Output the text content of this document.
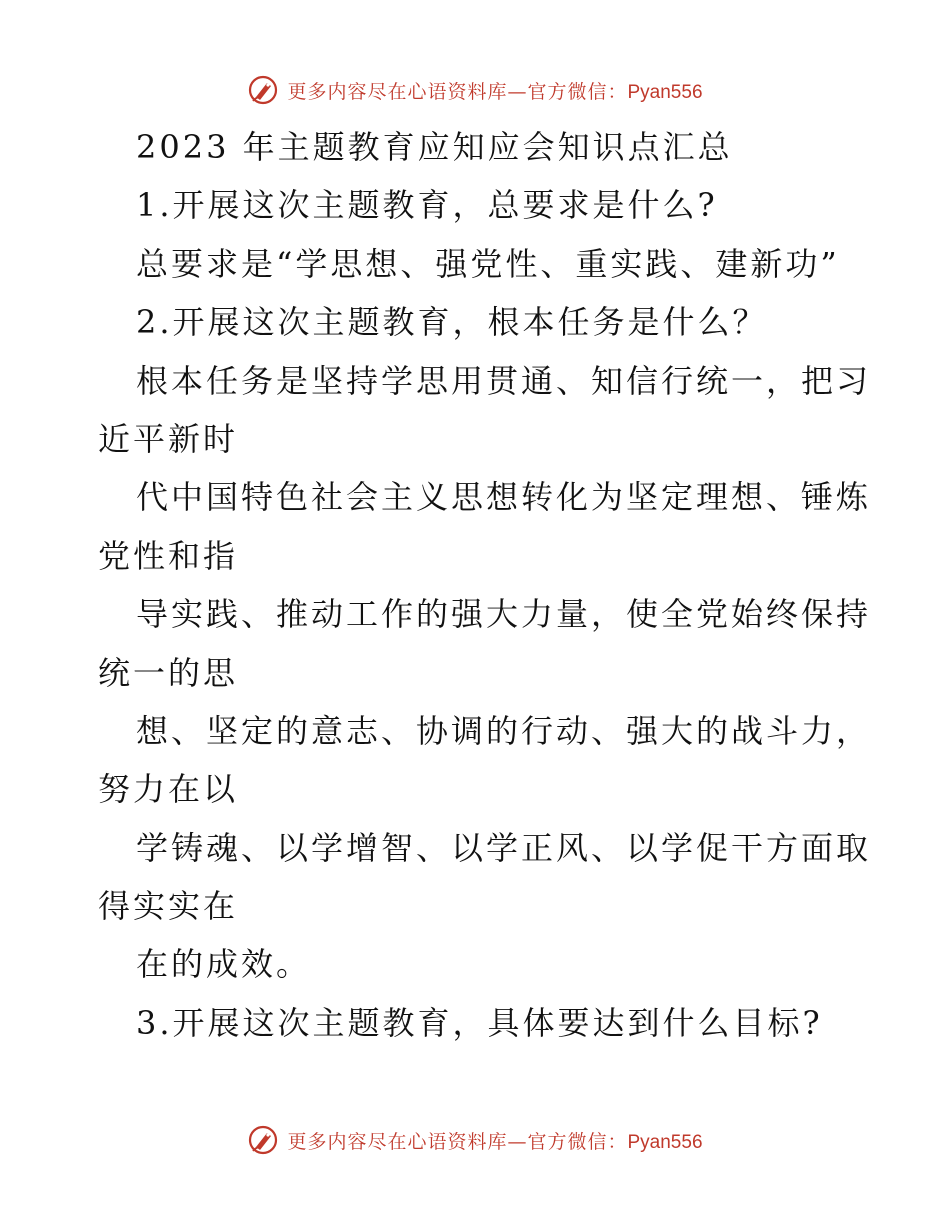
更多内容尽在心语资料库—官方微信：Pyan556
2023 年主题教育应知应会知识点汇总
1.开展这次主题教育，总要求是什么?
总要求是“学思想、强党性、重实践、建新功”
2.开展这次主题教育，根本任务是什么？
根本任务是坚持学思用贯通、知信行统一，把习
近平新时
代中国特色社会主义思想转化为坚定理想、锤炼
党性和指
导实践、推动工作的强大力量，使全党始终保持
统一的思
想、坚定的意志、协调的行动、强大的战斗力，
努力在以
学铸魂、以学增智、以学正风、以学促干方面取
得实实在
在的成效。
3.开展这次主题教育，具体要达到什么目标?
更多内容尽在心语资料库—官方微信：Pyan556
